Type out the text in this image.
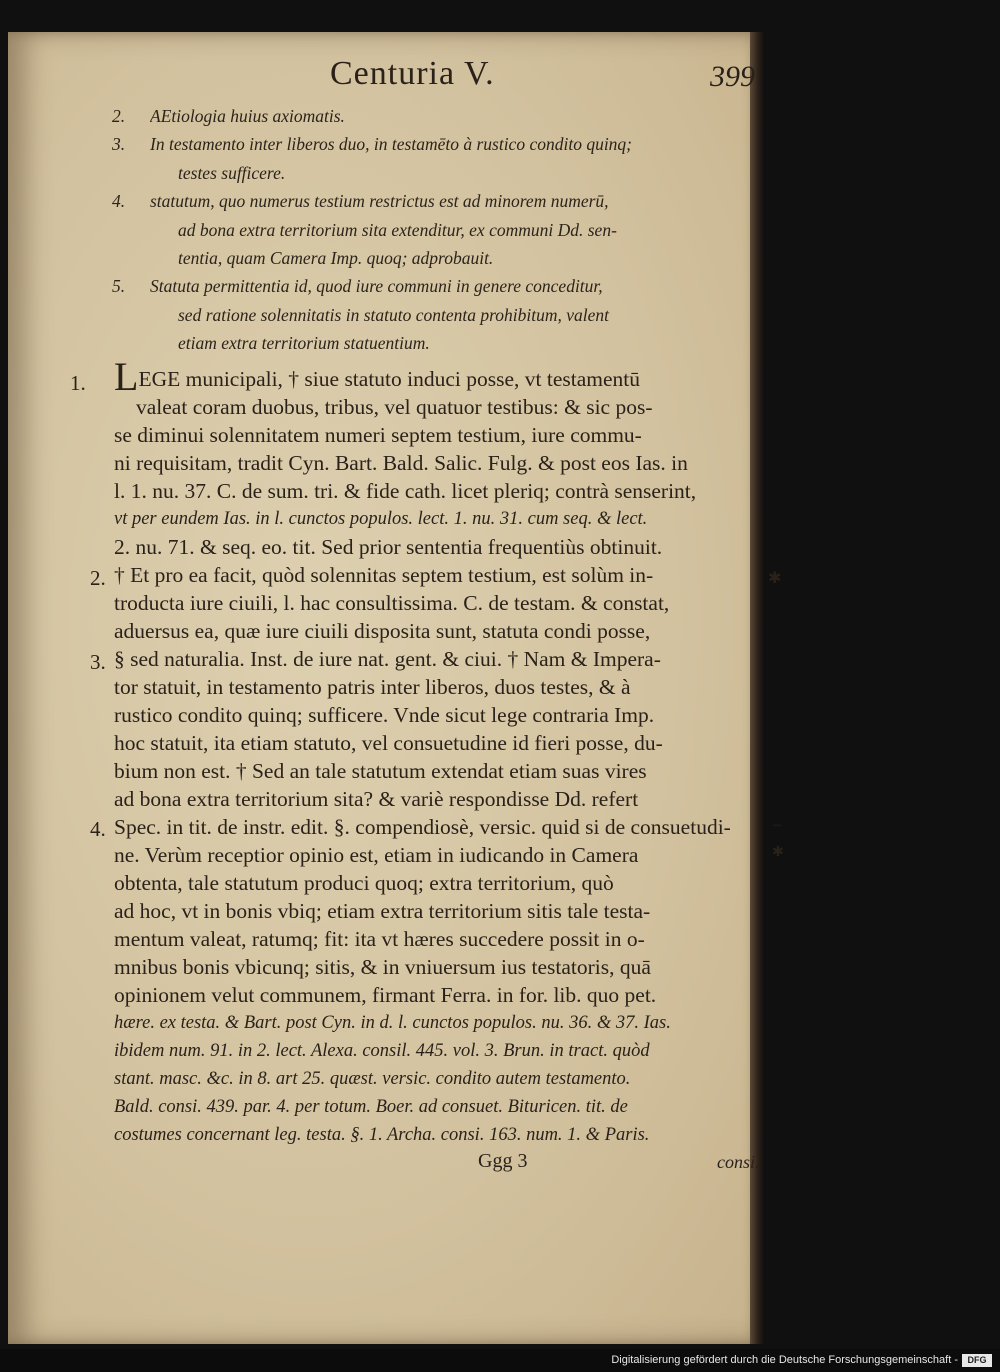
Centuria V.	399
2. AEtiologia huius axiomatis.
3. In testamento inter liberos duo, in testamēto à rustico condito quinq;
testes sufficere.
4. statutum, quo numerus testium restrictus est ad minorem numerū,
ad bona extra territorium sita extenditur, ex communi Dd. sen-
tentia, quam Camera Imp. quoq; adprobauit.
5. Statuta permittentia id, quod iure communi in genere conceditur,
sed ratione solennitatis in statuto contenta prohibitum, valent
etiam extra territorium statuentium.
1.
2.
3.
4.
✱
✱
–
LEGE municipali, † siue statuto induci posse, vt testamentū
valeat coram duobus, tribus, vel quatuor testibus: & sic pos-
se diminui solennitatem numeri septem testium, iure commu-
ni requisitam, tradit Cyn. Bart. Bald. Salic. Fulg. & post eos Ias. in
l. 1. nu. 37. C. de sum. tri. & fide cath. licet pleriq; contrà senserint,
vt per eundem Ias. in l. cunctos populos. lect. 1. nu. 31. cum seq. & lect.
2. nu. 71. & seq. eo. tit. Sed prior sententia frequentiùs obtinuit.
† Et pro ea facit, quòd solennitas septem testium, est solùm in-
troducta iure ciuili, l. hac consultissima. C. de testam. & constat,
aduersus ea, quæ iure ciuili disposita sunt, statuta condi posse,
§ sed naturalia. Inst. de iure nat. gent. & ciui. † Nam & Impera-
tor statuit, in testamento patris inter liberos, duos testes, & à
rustico condito quinq; sufficere. Vnde sicut lege contraria Imp.
hoc statuit, ita etiam statuto, vel consuetudine id fieri posse, du-
bium non est. † Sed an tale statutum extendat etiam suas vires
ad bona extra territorium sita? & variè respondisse Dd. refert
Spec. in tit. de instr. edit. §. compendiosè, versic. quid si de consuetudi-
ne. Verùm receptior opinio est, etiam in iudicando in Camera
obtenta, tale statutum produci quoq; extra territorium, quò
ad hoc, vt in bonis vbiq; etiam extra territorium sitis tale testa-
mentum valeat, ratumq; fit: ita vt hæres succedere possit in o-
mnibus bonis vbicunq; sitis, & in vniuersum ius testatoris, quā
opinionem velut communem, firmant Ferra. in for. lib. quo pet.
hære. ex testa. & Bart. post Cyn. in d. l. cunctos populos. nu. 36. & 37. Ias.
ibidem num. 91. in 2. lect. Alexa. consil. 445. vol. 3. Brun. in tract. quòd
stant. masc. &c. in 8. art 25. quæst. versic. condito autem testamento.
Bald. consi. 439. par. 4. per totum. Boer. ad consuet. Bituricen. tit. de
costumes concernant leg. testa. §. 1. Archa. consi. 163. num. 1. & Paris.
Ggg 3	consi.
Digitalisierung gefördert durch die Deutsche Forschungsgemeinschaft -	DFG
